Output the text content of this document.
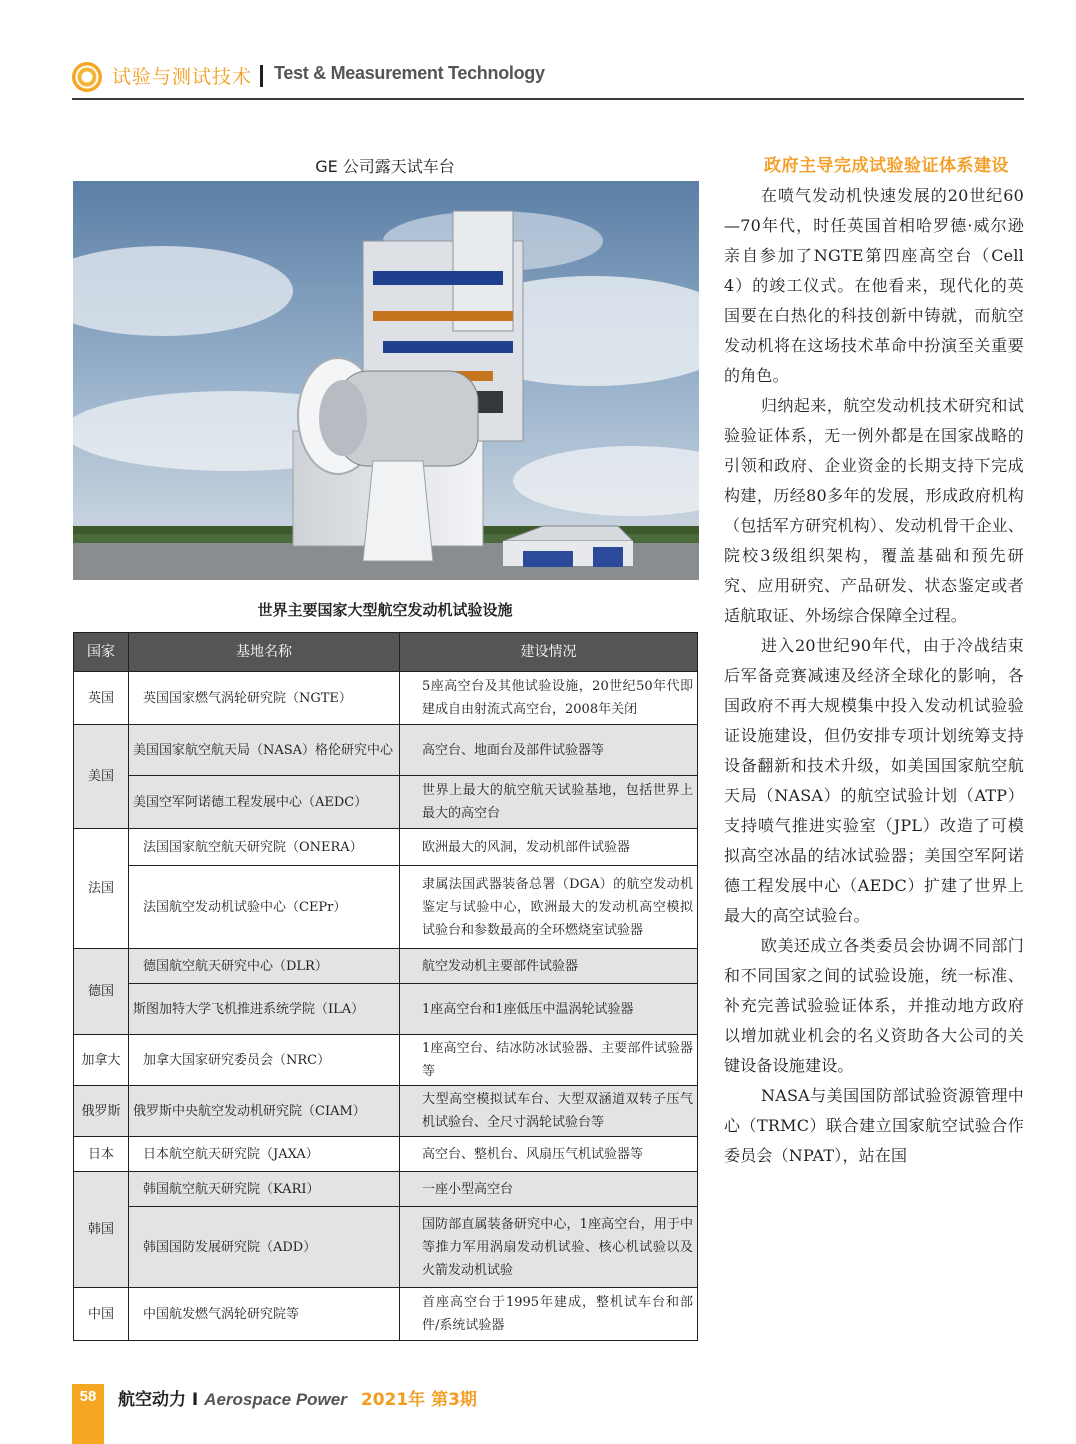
试验与测试技术 Test & Measurement Technology
GE 公司露天试车台
世界主要国家大型航空发动机试验设施
国家	基地名称	建设情况
英国	英国国家燃气涡轮研究院（NGTE）	5座高空台及其他试验设施，20世纪50年代即建成自由射流式高空台，2008年关闭
美国	美国国家航空航天局（NASA）格伦研究中心	高空台、地面台及部件试验器等
	美国空军阿诺德工程发展中心（AEDC）	世界上最大的航空航天试验基地，包括世界上最大的高空台
法国	法国国家航空航天研究院（ONERA）	欧洲最大的风洞，发动机部件试验器
	法国航空发动机试验中心（CEPr）	隶属法国武器装备总署（DGA）的航空发动机鉴定与试验中心，欧洲最大的发动机高空模拟试验台和参数最高的全环燃烧室试验器
德国	德国航空航天研究中心（DLR）	航空发动机主要部件试验器
	斯图加特大学飞机推进系统学院（ILA）	1座高空台和1座低压中温涡轮试验器
加拿大	加拿大国家研究委员会（NRC）	1座高空台、结冰防冰试验器、主要部件试验器等
俄罗斯	俄罗斯中央航空发动机研究院（CIAM）	大型高空模拟试车台、大型双涵道双转子压气机试验台、全尺寸涡轮试验台等
日本	日本航空航天研究院（JAXA）	高空台、整机台、风扇压气机试验器等
韩国	韩国航空航天研究院（KARI）	一座小型高空台
	韩国国防发展研究院（ADD）	国防部直属装备研究中心，1座高空台，用于中等推力军用涡扇发动机试验、核心机试验以及火箭发动机试验
中国	中国航发燃气涡轮研究院等	首座高空台于1995年建成，整机试车台和部件/系统试验器

政府主导完成试验验证体系建设

在喷气发动机快速发展的20世纪60—70年代，时任英国首相哈罗德·威尔逊亲自参加了NGTE第四座高空台（Cell 4）的竣工仪式。在他看来，现代化的英国要在白热化的科技创新中铸就，而航空发动机将在这场技术革命中扮演至关重要的角色。

归纳起来，航空发动机技术研究和试验验证体系，无一例外都是在国家战略的引领和政府、企业资金的长期支持下完成构建，历经80多年的发展，形成政府机构（包括军方研究机构）、发动机骨干企业、院校3级组织架构，覆盖基础和预先研究、应用研究、产品研发、状态鉴定或者适航取证、外场综合保障全过程。

进入20世纪90年代，由于冷战结束后军备竞赛减速及经济全球化的影响，各国政府不再大规模集中投入发动机试验验证设施建设，但仍安排专项计划统筹支持设备翻新和技术升级，如美国国家航空航天局（NASA）的航空试验计划（ATP）支持喷气推进实验室（JPL）改造了可模拟高空冰晶的结冰试验器；美国空军阿诺德工程发展中心（AEDC）扩建了世界上最大的高空试验台。

欧美还成立各类委员会协调不同部门和不同国家之间的试验设施，统一标准、补充完善试验验证体系，并推动地方政府以增加就业机会的名义资助各大公司的关键设备设施建设。

NASA与美国国防部试验资源管理中心（TRMC）联合建立国家航空试验合作委员会（NPAT），站在国

58	航空动力 I Aerospace Power 2021年 第3期
